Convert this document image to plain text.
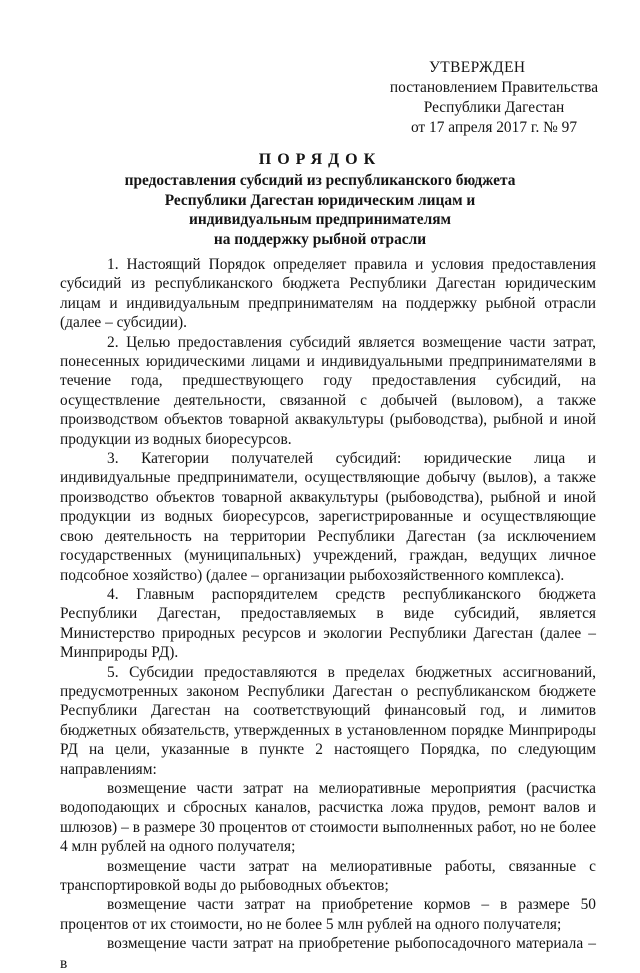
УТВЕРЖДЕН
постановлением Правительства
Республики Дагестан
от 17 апреля 2017 г. № 97
ПОРЯДОК
предоставления субсидий из республиканского бюджета
Республики Дагестан юридическим лицам и
индивидуальным предпринимателям
на поддержку рыбной отрасли

1. Настоящий Порядок определяет правила и условия предоставления субсидий из республиканского бюджета Республики Дагестан юридическим лицам и индивидуальным предпринимателям на поддержку рыбной отрасли (далее – субсидии).

2. Целью предоставления субсидий является возмещение части затрат, понесенных юридическими лицами и индивидуальными предпринимателями в течение года, предшествующего году предоставления субсидий, на осуществление деятельности, связанной с добычей (выловом), а также производством объектов товарной аквакультуры (рыбоводства), рыбной и иной продукции из водных биоресурсов.

3. Категории получателей субсидий: юридические лица и индивидуальные предприниматели, осуществляющие добычу (вылов), а также производство объектов товарной аквакультуры (рыбоводства), рыбной и иной продукции из водных биоресурсов, зарегистрированные и осуществляющие свою деятельность на территории Республики Дагестан (за исключением государственных (муниципальных) учреждений, граждан, ведущих личное подсобное хозяйство) (далее – организации рыбохозяйственного комплекса).

4. Главным распорядителем средств республиканского бюджета Республики Дагестан, предоставляемых в виде субсидий, является Министерство природных ресурсов и экологии Республики Дагестан (далее – Минприроды РД).

5. Субсидии предоставляются в пределах бюджетных ассигнований, предусмотренных законом Республики Дагестан о республиканском бюджете Республики Дагестан на соответствующий финансовый год, и лимитов бюджетных обязательств, утвержденных в установленном порядке Минприроды РД на цели, указанные в пункте 2 настоящего Порядка, по следующим направлениям:

возмещение части затрат на мелиоративные мероприятия (расчистка водоподающих и сбросных каналов, расчистка ложа прудов, ремонт валов и шлюзов) – в размере 30 процентов от стоимости выполненных работ, но не более 4 млн рублей на одного получателя;

возмещение части затрат на мелиоративные работы, связанные с транспортировкой воды до рыбоводных объектов;

возмещение части затрат на приобретение кормов – в размере 50 процентов от их стоимости, но не более 5 млн рублей на одного получателя;

возмещение части затрат на приобретение рыбопосадочного материала – в
